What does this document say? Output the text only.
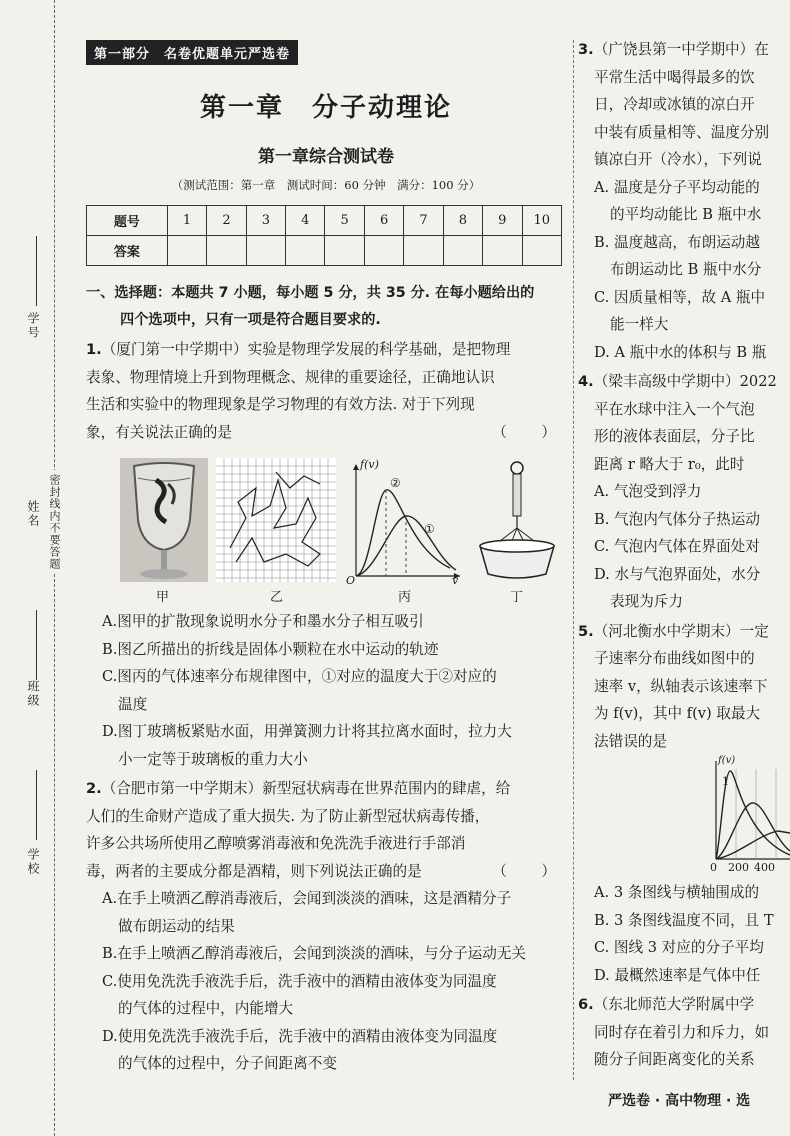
学号
姓名
班级
学校
密封线内不要答题
第一部分 名卷优题单元严选卷
第一章　分子动理论
第一章综合测试卷
（测试范围：第一章　测试时间：60 分钟　满分：100 分）
题号	1	2	3	4	5	6	7	8	9	10
答案										
一、选择题：本题共 7 小题，每小题 5 分，共 35 分. 在每小题给出的
四个选项中，只有一项是符合题目要求的.
1.（厦门第一中学期中）实验是物理学发展的科学基础，是把物理
表象、物理情境上升到物理概念、规律的重要途径，正确地认识
生活和实验中的物理现象是学习物理的有效方法. 对于下列现
象，有关说法正确的是	（　）
甲	乙
f(v)
v
O
②
①
丙	丁
A.图甲的扩散现象说明水分子和墨水分子相互吸引
B.图乙所描出的折线是固体小颗粒在水中运动的轨迹
C.图丙的气体速率分布规律图中，①对应的温度大于②对应的
温度
D.图丁玻璃板紧贴水面，用弹簧测力计将其拉离水面时，拉力大
小一定等于玻璃板的重力大小
2.（合肥市第一中学期末）新型冠状病毒在世界范围内的肆虐，给
人们的生命财产造成了重大损失. 为了防止新型冠状病毒传播，
许多公共场所使用乙醇喷雾消毒液和免洗洗手液进行手部消
毒，两者的主要成分都是酒精，则下列说法正确的是	（　）
A.在手上喷洒乙醇消毒液后，会闻到淡淡的酒味，这是酒精分子
做布朗运动的结果
B.在手上喷洒乙醇消毒液后，会闻到淡淡的酒味，与分子运动无关
C.使用免洗洗手液洗手后，洗手液中的酒精由液体变为同温度
的气体的过程中，内能增大
D.使用免洗洗手液洗手后，洗手液中的酒精由液体变为同温度
的气体的过程中，分子间距离不变
3.（广饶县第一中学期中）在
平常生活中喝得最多的饮
日，冷却或冰镇的凉白开
中装有质量相等、温度分别
镇凉白开（冷水），下列说
A. 温度是分子平均动能的
的平均动能比 B 瓶中水
B. 温度越高，布朗运动越
布朗运动比 B 瓶中水分
C. 因质量相等，故 A 瓶中
能一样大
D. A 瓶中水的体积与 B 瓶
4.（梁丰高级中学期中）2022
平在水球中注入一个气泡
形的液体表面层，分子比
距离 r 略大于 r₀，此时
A. 气泡受到浮力
B. 气泡内气体分子热运动
C. 气泡内气体在界面处对
D. 水与气泡界面处，水分
表现为斥力
5.（河北衡水中学期末）一定
子速率分布曲线如图中的
速率 v，纵轴表示该速率下
为 f(v)，其中 f(v) 取最大
法错误的是
f(v)
1
0 200 400
A. 3 条图线与横轴围成的
B. 3 条图线温度不同，且 T
C. 图线 3 对应的分子平均
D. 最概然速率是气体中任
6.（东北师范大学附属中学
同时存在着引力和斥力，如
随分子间距离变化的关系
严选卷 · 高中物理 · 选
